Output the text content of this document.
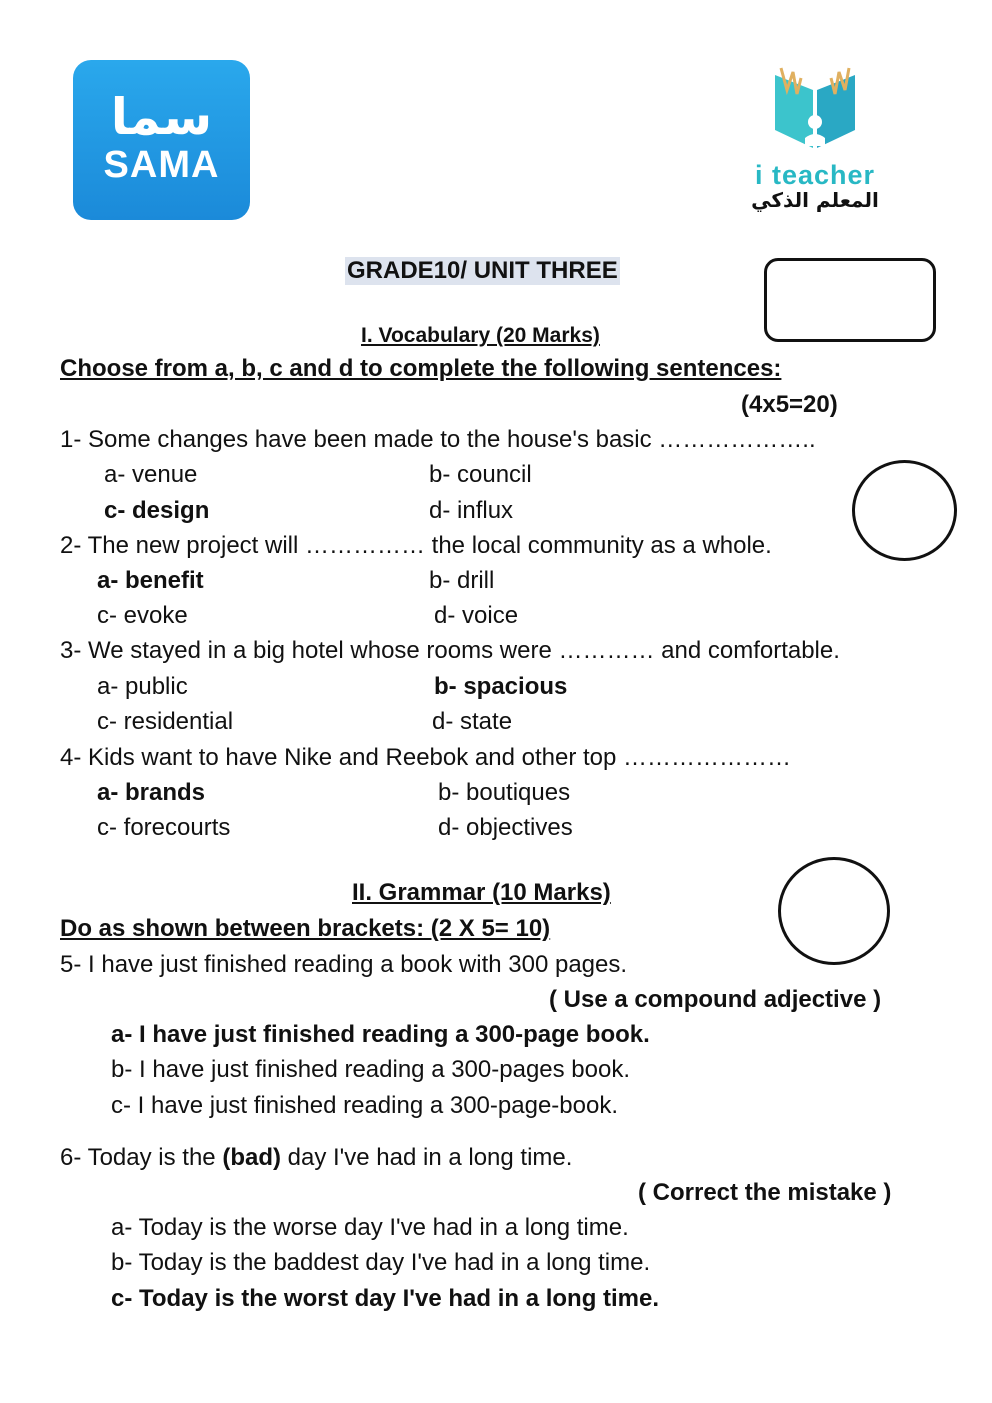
سما
SAMA	i teacher
المعلم الذكي
GRADE10/ UNIT THREE
I. Vocabulary (20 Marks)
Choose from a, b, c and d to complete the following sentences:
(4x5=20)
1- Some changes have been made to the house's basic ………………..
a- venue	b- council
c- design	d- influx
2- The new project will …………… the local community as a whole.
a- benefit	b- drill
c- evoke	d- voice
3- We stayed in a big hotel whose rooms were ………… and comfortable.
a- public	b- spacious
c- residential	d- state
4- Kids want to have Nike and Reebok and other top …………………
a- brands	b- boutiques
c- forecourts	d- objectives
II. Grammar (10 Marks)
Do as shown between brackets: (2 X 5= 10)
5- I have just finished reading a book with 300 pages.
( Use a compound adjective )
a- I have just finished reading a 300-page book.
b- I have just finished reading a 300-pages book.
c- I have just finished reading a 300-page-book.
6- Today is the (bad) day I've had in a long time.
( Correct the mistake )
a- Today is the worse day I've had in a long time.
b- Today is the baddest day I've had in a long time.
c- Today is the worst day I've had in a long time.
